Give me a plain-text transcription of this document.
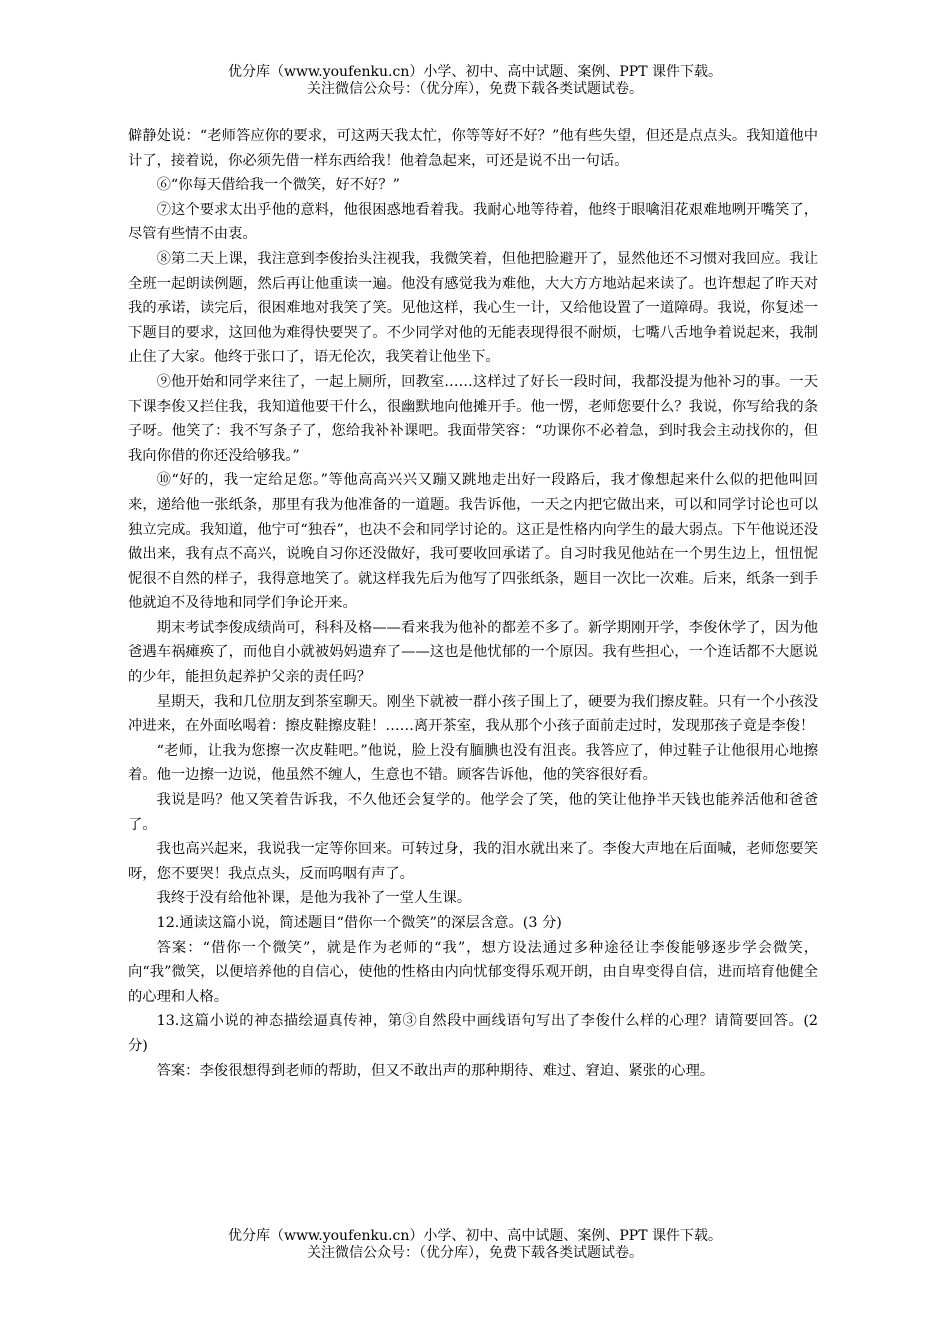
优分库（www.youfenku.cn）小学、初中、高中试题、案例、PPT 课件下载。
关注微信公众号：（优分库），免费下载各类试题试卷。

僻静处说：“老师答应你的要求，可这两天我太忙，你等等好不好？”他有些失望，但还是点点头。我知道他中计了，接着说，你必须先借一样东西给我！他着急起来，可还是说不出一句话。

⑥“你每天借给我一个微笑，好不好？”

⑦这个要求太出乎他的意料，他很困惑地看着我。我耐心地等待着，他终于眼噙泪花艰难地咧开嘴笑了，尽管有些情不由衷。

⑧第二天上课，我注意到李俊抬头注视我，我微笑着，但他把脸避开了，显然他还不习惯对我回应。我让全班一起朗读例题，然后再让他重读一遍。他没有感觉我为难他，大大方方地站起来读了。也许想起了昨天对我的承诺，读完后，很困难地对我笑了笑。见他这样，我心生一计，又给他设置了一道障碍。我说，你复述一下题目的要求，这回他为难得快要哭了。不少同学对他的无能表现得很不耐烦，七嘴八舌地争着说起来，我制止住了大家。他终于张口了，语无伦次，我笑着让他坐下。

⑨他开始和同学来往了，一起上厕所，回教室……这样过了好长一段时间，我都没提为他补习的事。一天下课李俊又拦住我，我知道他要干什么，很幽默地向他摊开手。他一愣，老师您要什么？我说，你写给我的条子呀。他笑了：我不写条子了，您给我补补课吧。我面带笑容：“功课你不必着急，到时我会主动找你的，但我向你借的你还没给够我。”

⑩“好的，我一定给足您。”等他高高兴兴又蹦又跳地走出好一段路后，我才像想起来什么似的把他叫回来，递给他一张纸条，那里有我为他准备的一道题。我告诉他，一天之内把它做出来，可以和同学讨论也可以独立完成。我知道，他宁可“独吞”，也决不会和同学讨论的。这正是性格内向学生的最大弱点。下午他说还没做出来，我有点不高兴，说晚自习你还没做好，我可要收回承诺了。自习时我见他站在一个男生边上，忸忸怩怩很不自然的样子，我得意地笑了。就这样我先后为他写了四张纸条，题目一次比一次难。后来，纸条一到手他就迫不及待地和同学们争论开来。

期末考试李俊成绩尚可，科科及格——看来我为他补的都差不多了。新学期刚开学，李俊休学了，因为他爸遇车祸瘫痪了，而他自小就被妈妈遗弃了——这也是他忧郁的一个原因。我有些担心，一个连话都不大愿说的少年，能担负起养护父亲的责任吗？

星期天，我和几位朋友到茶室聊天。刚坐下就被一群小孩子围上了，硬要为我们擦皮鞋。只有一个小孩没冲进来，在外面吆喝着：擦皮鞋擦皮鞋！……离开茶室，我从那个小孩子面前走过时，发现那孩子竟是李俊！

“老师，让我为您擦一次皮鞋吧。”他说，脸上没有腼腆也没有沮丧。我答应了，伸过鞋子让他很用心地擦着。他一边擦一边说，他虽然不缠人，生意也不错。顾客告诉他，他的笑容很好看。

我说是吗？他又笑着告诉我，不久他还会复学的。他学会了笑，他的笑让他挣半天钱也能养活他和爸爸了。

我也高兴起来，我说我一定等你回来。可转过身，我的泪水就出来了。李俊大声地在后面喊，老师您要笑呀，您不要哭！我点点头，反而呜咽有声了。

我终于没有给他补课，是他为我补了一堂人生课。

12.通读这篇小说，简述题目“借你一个微笑”的深层含意。(3 分)

答案：“借你一个微笑”，就是作为老师的“我”，想方设法通过多种途径让李俊能够逐步学会微笑，向“我”微笑，以便培养他的自信心，使他的性格由内向忧郁变得乐观开朗，由自卑变得自信，进而培育他健全的心理和人格。

13.这篇小说的神态描绘逼真传神，第③自然段中画线语句写出了李俊什么样的心理？请简要回答。(2 分)

答案：李俊很想得到老师的帮助，但又不敢出声的那种期待、难过、窘迫、紧张的心理。

优分库（www.youfenku.cn）小学、初中、高中试题、案例、PPT 课件下载。
关注微信公众号：（优分库），免费下载各类试题试卷。
